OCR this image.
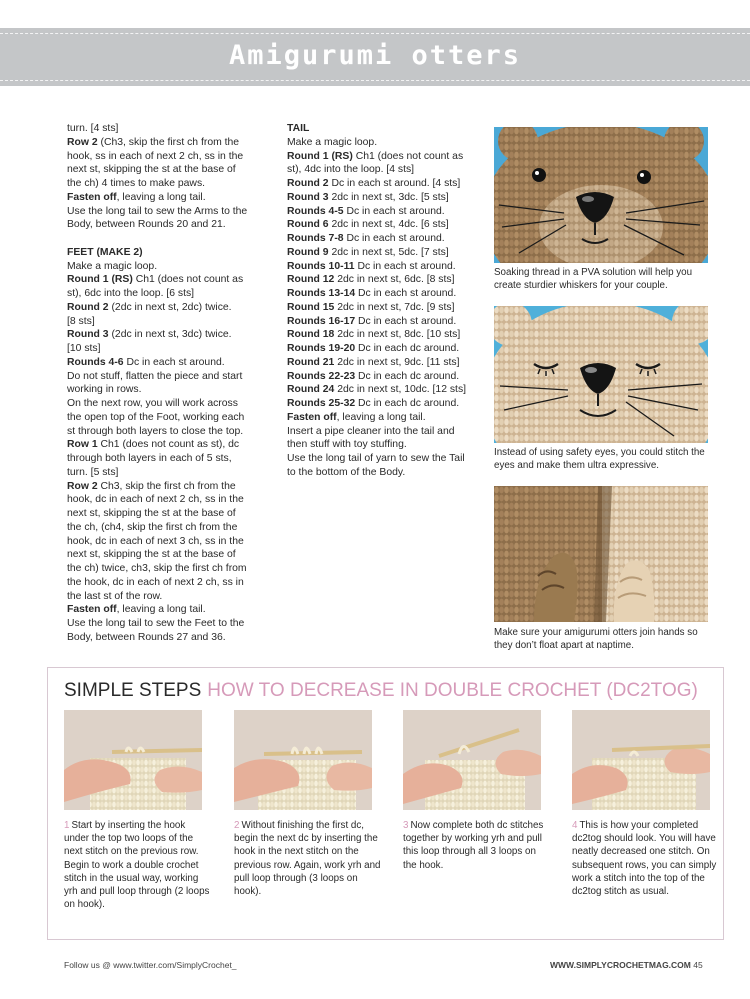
Amigurumi otters

turn. [4 sts]

Row 2 (Ch3, skip the first ch from the

hook, ss in each of next 2 ch, ss in the

next st, skipping the st at the base of

the ch) 4 times to make paws.

Fasten off, leaving a long tail.

Use the long tail to sew the Arms to the

Body, between Rounds 20 and 21.

FEET (MAKE 2)

Make a magic loop.

Round 1 (RS) Ch1 (does not count as

st), 6dc into the loop. [6 sts]

Round 2 (2dc in next st, 2dc) twice.

[8 sts]

Round 3 (2dc in next st, 3dc) twice.

[10 sts]

Rounds 4-6 Dc in each st around.

Do not stuff, flatten the piece and start

working in rows.

On the next row, you will work across

the open top of the Foot, working each

st through both layers to close the top.

Row 1 Ch1 (does not count as st), dc

through both layers in each of 5 sts,

turn. [5 sts]

Row 2 Ch3, skip the first ch from the

hook, dc in each of next 2 ch, ss in the

next st, skipping the st at the base of

the ch, (ch4, skip the first ch from the

hook, dc in each of next 3 ch, ss in the

next st, skipping the st at the base of

the ch) twice, ch3, skip the first ch from

the hook, dc in each of next 2 ch, ss in

the last st of the row.

Fasten off, leaving a long tail.

Use the long tail to sew the Feet to the

Body, between Rounds 27 and 36.

TAIL

Make a magic loop.

Round 1 (RS) Ch1 (does not count as

st), 4dc into the loop. [4 sts]

Round 2 Dc in each st around. [4 sts]

Round 3 2dc in next st, 3dc. [5 sts]

Rounds 4-5 Dc in each st around.

Round 6 2dc in next st, 4dc. [6 sts]

Rounds 7-8 Dc in each st around.

Round 9 2dc in next st, 5dc. [7 sts]

Rounds 10-11 Dc in each st around.

Round 12 2dc in next st, 6dc. [8 sts]

Rounds 13-14 Dc in each st around.

Round 15 2dc in next st, 7dc. [9 sts]

Rounds 16-17 Dc in each st around.

Round 18 2dc in next st, 8dc. [10 sts]

Rounds 19-20 Dc in each dc around.

Round 21 2dc in next st, 9dc. [11 sts]

Rounds 22-23 Dc in each dc around.

Round 24 2dc in next st, 10dc. [12 sts]

Rounds 25-32 Dc in each dc around.

Fasten off, leaving a long tail.

Insert a pipe cleaner into the tail and

then stuff with toy stuffing.

Use the long tail of yarn to sew the Tail

to the bottom of the Body.

Soaking thread in a PVA solution will help you create sturdier whiskers for your couple.
Instead of using safety eyes, you could stitch the eyes and make them ultra expressive.
Make sure your amigurumi otters join hands so they don’t float apart at naptime.
SIMPLE STEPS HOW TO DECREASE IN DOUBLE CROCHET (DC2TOG)
1 Start by inserting the hook under the top two loops of the next stitch on the previous row. Begin to work a double crochet stitch in the usual way, working yrh and pull loop through (2 loops on hook).
2 Without finishing the first dc, begin the next dc by inserting the hook in the next stitch on the previous row. Again, work yrh and pull loop through (3 loops on hook).
3 Now complete both dc stitches together by working yrh and pull this loop through all 3 loops on the hook.
4 This is how your completed dc2tog should look. You will have neatly decreased one stitch. On subsequent rows, you can simply work a stitch into the top of the dc2tog stitch as usual.
Follow us @ www.twitter.com/SimplyCrochet_	WWW.SIMPLYCROCHETMAG.COM 45
